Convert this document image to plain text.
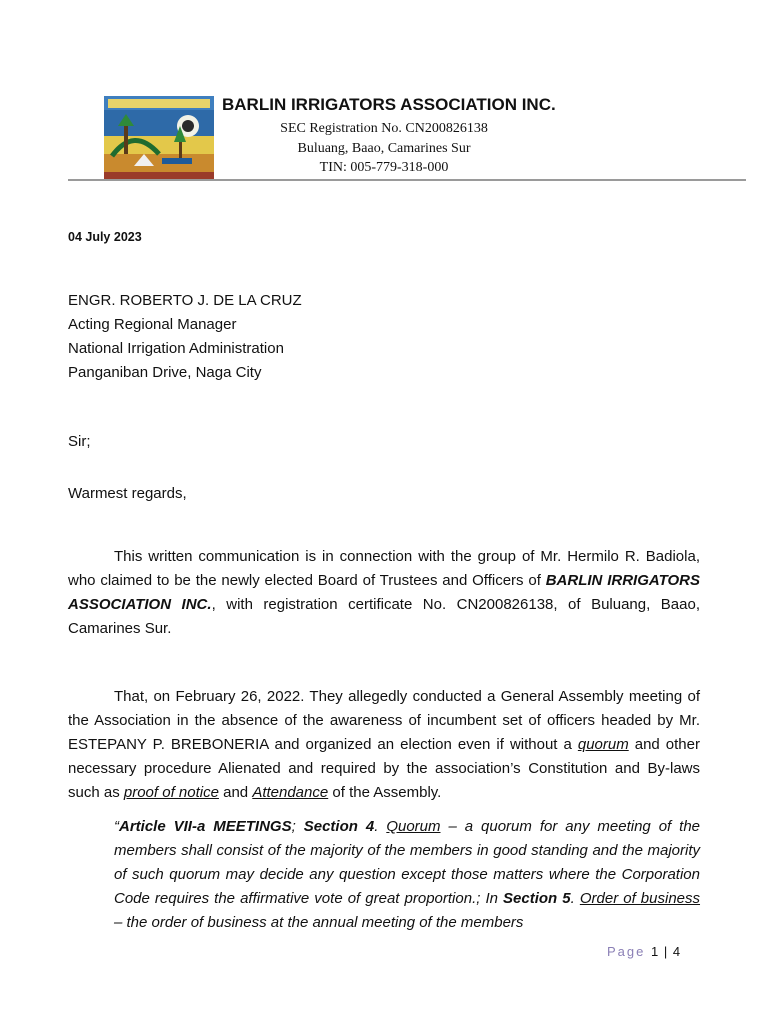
BARLIN IRRIGATORS ASSOCIATION INC.
SEC Registration No. CN200826138
Buluang, Baao, Camarines Sur
TIN: 005-779-318-000
04 July 2023
ENGR. ROBERTO J. DE LA CRUZ
Acting Regional Manager
National Irrigation Administration
Panganiban Drive, Naga City
Sir;
Warmest regards,
This written communication is in connection with the group of Mr. Hermilo R. Badiola, who claimed to be the newly elected Board of Trustees and Officers of BARLIN IRRIGATORS ASSOCIATION INC., with registration certificate No. CN200826138, of Buluang, Baao, Camarines Sur.
That, on February 26, 2022. They allegedly conducted a General Assembly meeting of the Association in the absence of the awareness of incumbent set of officers headed by Mr. ESTEPANY P. BREBONERIA and organized an election even if without a quorum and other necessary procedure Alienated and required by the association’s Constitution and By-laws such as proof of notice and Attendance of the Assembly.
“Article VII-a MEETINGS; Section 4. Quorum – a quorum for any meeting of the members shall consist of the majority of the members in good standing and the majority of such quorum may decide any question except those matters where the Corporation Code requires the affirmative vote of great proportion.; In Section 5. Order of business – the order of business at the annual meeting of the members
Page 1 | 4
